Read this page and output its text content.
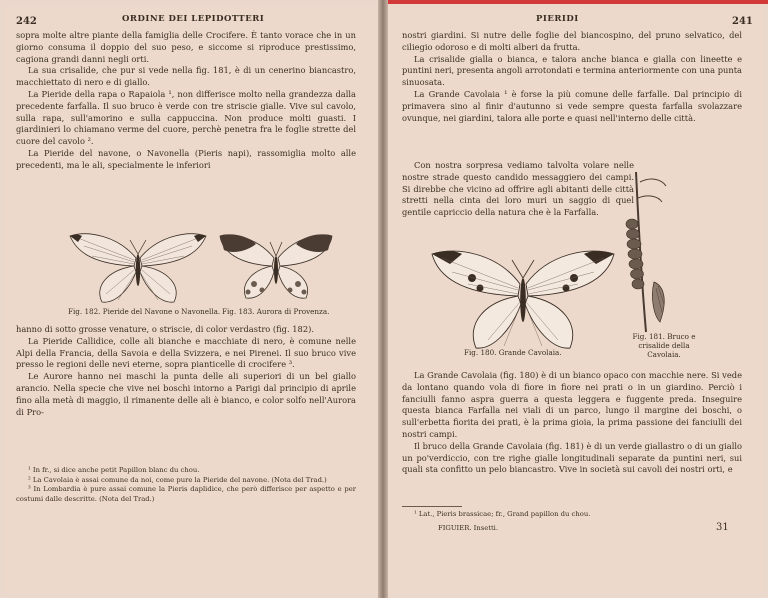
242	ORDINE DEI LEPIDOTTERI

sopra molte altre piante della famiglia delle Crocifere. È tanto vorace che in un giorno consuma il doppio del suo peso, e siccome si riproduce prestissimo, cagiona grandi danni negli orti.

La sua crisalide, che pur si vede nella fig. 181, è di un cenerino biancastro, macchiettato di nero e di giallo.

La Pieride della rapa o Rapaiola ¹, non differisce molto nella grandezza dalla precedente farfalla. Il suo bruco è verde con tre striscie gialle. Vive sul cavolo, sulla rapa, sull'amorino e sulla cappuccina. Non produce molti guasti. I giardinieri lo chiamano verme del cuore, perchè penetra fra le foglie strette del cuore del cavolo ².

La Pieride del navone, o Navonella (Pieris napi), rassomiglia molto alle precedenti, ma le ali, specialmente le inferiori

Fig. 182. Pieride del Navone o Navonella. Fig. 183. Aurora di Provenza.

hanno di sotto grosse venature, o striscie, di color verdastro (fig. 182).

La Pieride Callidice, colle ali bianche e macchiate di nero, è comune nelle Alpi della Francia, della Savoia e della Svizzera, e nei Pirenei. Il suo bruco vive presso le regioni delle nevi eterne, sopra pianticelle di crocifere ³.

Le Aurore hanno nei maschi la punta delle ali superiori di un bel giallo arancio. Nella specie che vive nei boschi intorno a Parigi dal principio di aprile fino alla metà di maggio, il rimanente delle ali è bianco, e color solfo nell'Aurora di Pro-

¹ In fr., si dice anche petit Papillon blanc du chou.

² La Cavolaia è assai comune da noi, come pure la Pieride del navone. (Nota del Trad.)

³ In Lombardia è pure assai comune la Pieris daplidice, che però differisce per aspetto e per costumi dalle descritte. (Nota del Trad.)

PIERIDI	241

nostri giardini. Si nutre delle foglie del biancospino, del pruno selvatico, del ciliegio odoroso e di molti alberi da frutta.

La crisalide gialla o bianca, e talora anche bianca e gialla con lineette e puntini neri, presenta angoli arrotondati e termina anteriormente con una punta sinuosata.

La Grande Cavolaia ¹ è forse la più comune delle farfalle. Dal principio di primavera sino al finir d'autunno si vede sempre questa farfalla svolazzare ovunque, nei giardini, talora alle porte e quasi nell'interno delle città.

Con nostra sorpresa vediamo talvolta volare nelle nostre strade questo candido messaggiero dei campi. Si direbbe che vicino ad offrire agli abitanti delle città stretti nella cinta dei loro muri un saggio di quel gentile capriccio della natura che è la Farfalla.

Fig. 180. Grande Cavolaia.
Fig. 181. Bruco e crisalide della Cavolaia.

La Grande Cavolaia (fig. 180) è di un bianco opaco con macchie nere. Si vede da lontano quando vola di fiore in fiore nei prati o in un giardino. Perciò i fanciulli fanno aspra guerra a questa leggera e fuggente preda. Inseguire questa bianca Farfalla nei viali di un parco, lungo il margine dei boschi, o sull'erbetta fiorita dei prati, è la prima gioia, la prima passione dei fanciulli dei nostri campi.

Il bruco della Grande Cavolaia (fig. 181) è di un verde giallastro o di un giallo un po'verdiccio, con tre righe gialle longitudinali separate da puntini neri, sui quali sta confitto un pelo biancastro. Vive in società sui cavoli dei nostri orti, e

¹ Lat., Pieris brassicae; fr., Grand papillon du chou.

FIGUIER. Insetti.	31
